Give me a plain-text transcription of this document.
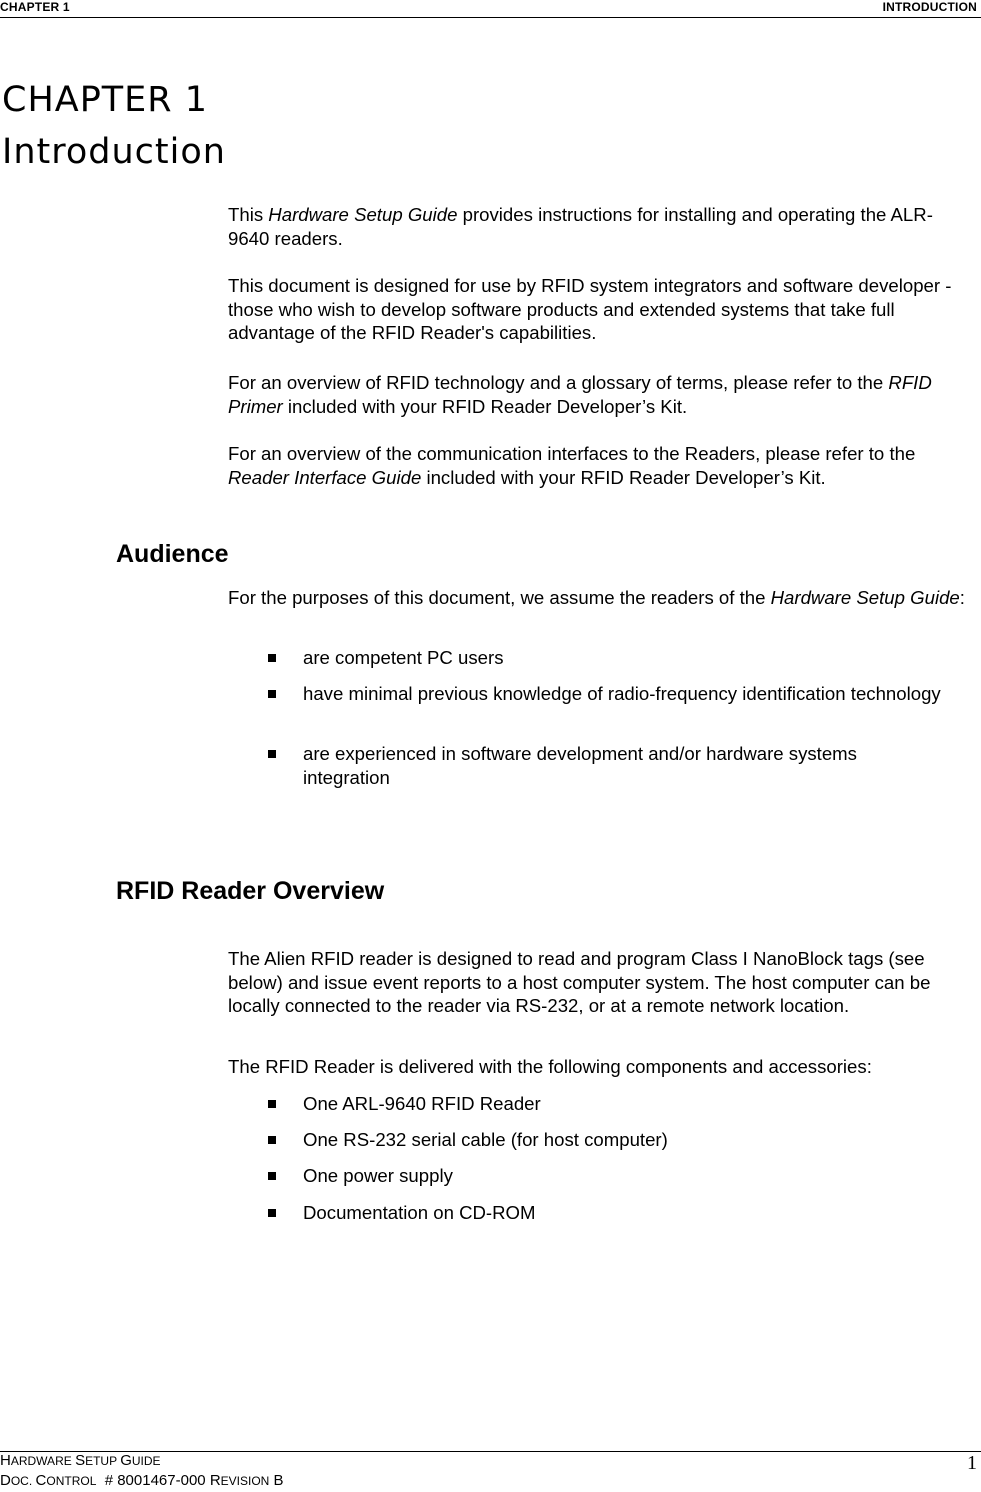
CHAPTER 1	INTRODUCTION
CHAPTER 1
Introduction

This Hardware Setup Guide provides instructions for installing and operating the ALR-9640 readers.

This document is designed for use by RFID system integrators and software developer - those who wish to develop software products and extended systems that take full advantage of the RFID Reader's capabilities.

For an overview of RFID technology and a glossary of terms, please refer to the RFID Primer included with your RFID Reader Developer’s Kit.

For an overview of the communication interfaces to the Readers, please refer to the Reader Interface Guide included with your RFID Reader Developer’s Kit.

Audience

For the purposes of this document, we assume the readers of the Hardware Setup Guide:

are competent PC users
have minimal previous knowledge of radio-frequency identification technology
are experienced in software development and/or hardware systems integration
RFID Reader Overview

The Alien RFID reader is designed to read and program Class I NanoBlock tags (see below) and issue event reports to a host computer system. The host computer can be locally connected to the reader via RS-232, or at a remote network location.

The RFID Reader is delivered with the following components and accessories:

One ARL-9640 RFID Reader
One RS-232 serial cable (for host computer)
One power supply
Documentation on CD-ROM
HARDWARE SETUP GUIDE
DOC. CONTROL  # 8001467-000 REVISION B
1
